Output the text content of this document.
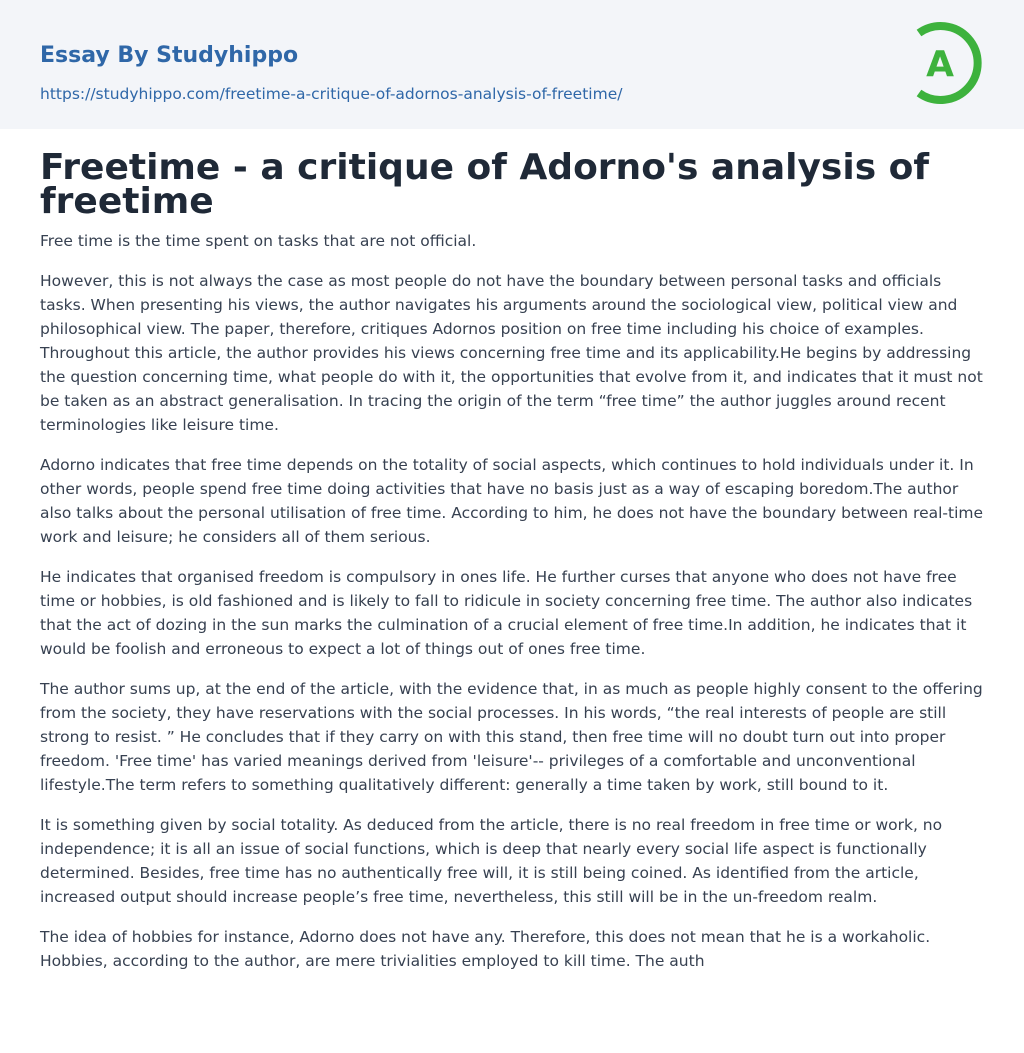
Essay By Studyhippo
https://studyhippo.com/freetime-a-critique-of-adornos-analysis-of-freetime/
A
Freetime - a critique of Adorno's analysis of freetime

Free time is the time spent on tasks that are not official.

However, this is not always the case as most people do not have the boundary between personal tasks and officials tasks. When presenting his views, the author navigates his arguments around the sociological view, political view and philosophical view. The paper, therefore, critiques Adornos position on free time including his choice of examples. Throughout this article, the author provides his views concerning free time and its applicability.He begins by addressing the question concerning time, what people do with it, the opportunities that evolve from it, and indicates that it must not be taken as an abstract generalisation. In tracing the origin of the term “free time” the author juggles around recent terminologies like leisure time.

Adorno indicates that free time depends on the totality of social aspects, which continues to hold individuals under it. In other words, people spend free time doing activities that have no basis just as a way of escaping boredom.The author also talks about the personal utilisation of free time. According to him, he does not have the boundary between real-time work and leisure; he considers all of them serious.

He indicates that organised freedom is compulsory in ones life. He further curses that anyone who does not have free time or hobbies, is old fashioned and is likely to fall to ridicule in society concerning free time. The author also indicates that the act of dozing in the sun marks the culmination of a crucial element of free time.In addition, he indicates that it would be foolish and erroneous to expect a lot of things out of ones free time.

The author sums up, at the end of the article, with the evidence that, in as much as people highly consent to the offering from the society, they have reservations with the social processes. In his words, “the real interests of people are still strong to resist. ” He concludes that if they carry on with this stand, then free time will no doubt turn out into proper freedom. 'Free time' has varied meanings derived from 'leisure'-- privileges of a comfortable and unconventional lifestyle.The term refers to something qualitatively different: generally a time taken by work, still bound to it.

It is something given by social totality. As deduced from the article, there is no real freedom in free time or work, no independence; it is all an issue of social functions, which is deep that nearly every social life aspect is functionally determined. Besides, free time has no authentically free will, it is still being coined. As identified from the article, increased output should increase people’s free time, nevertheless, this still will be in the un-freedom realm.

The idea of hobbies for instance, Adorno does not have any. Therefore, this does not mean that he is a workaholic. Hobbies, according to the author, are mere trivialities employed to kill time. The auth
